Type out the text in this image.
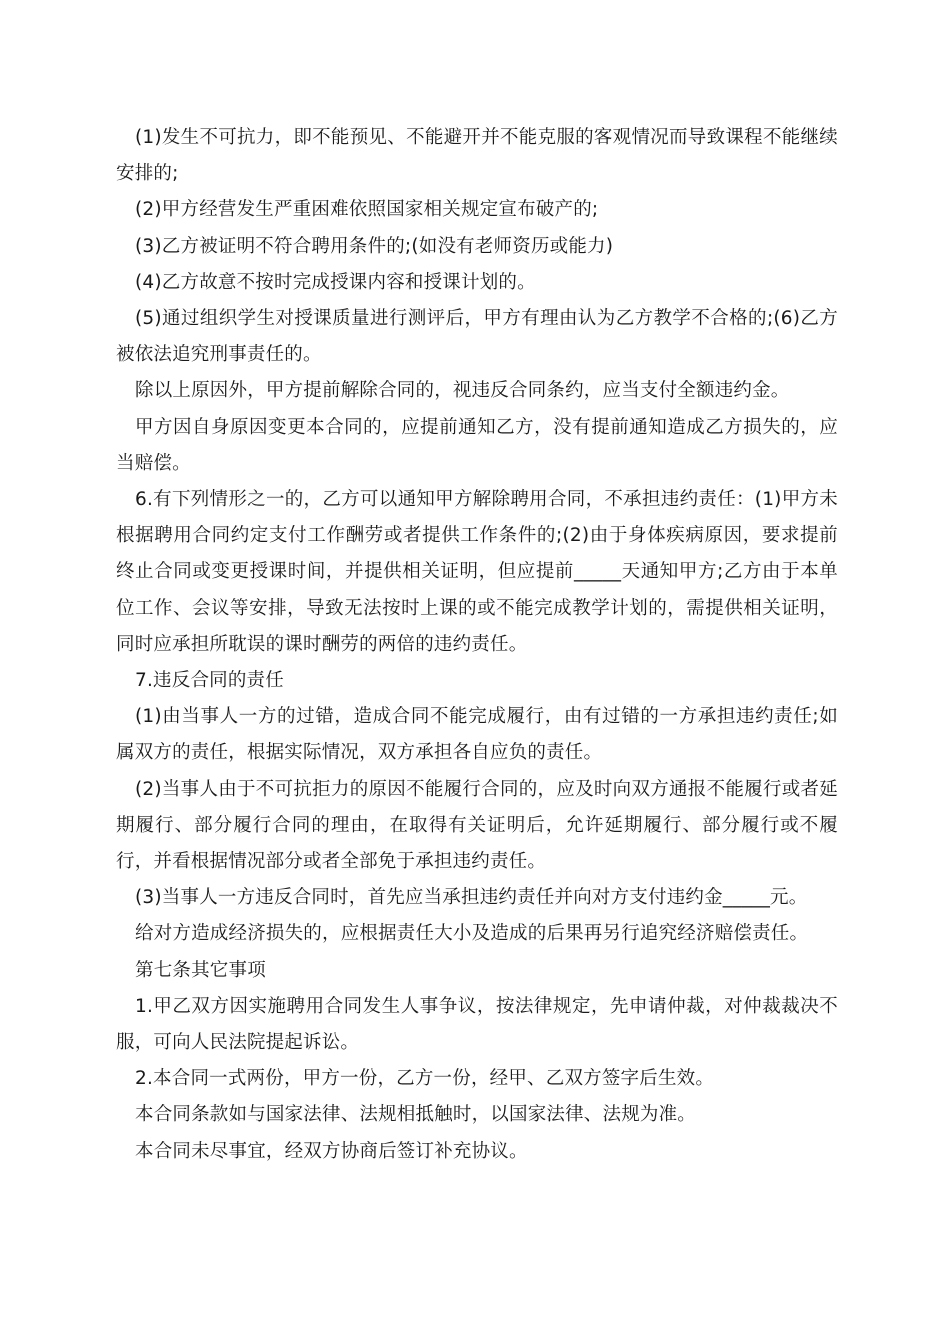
(1)发生不可抗力，即不能预见、不能避开并不能克服的客观情况而导致课程不能继续安排的;

(2)甲方经营发生严重困难依照国家相关规定宣布破产的;

(3)乙方被证明不符合聘用条件的;(如没有老师资历或能力)

(4)乙方故意不按时完成授课内容和授课计划的。

(5)通过组织学生对授课质量进行测评后，甲方有理由认为乙方教学不合格的;(6)乙方被依法追究刑事责任的。

除以上原因外，甲方提前解除合同的，视违反合同条约，应当支付全额违约金。

甲方因自身原因变更本合同的，应提前通知乙方，没有提前通知造成乙方损失的，应当赔偿。

6.有下列情形之一的，乙方可以通知甲方解除聘用合同，不承担违约责任：(1)甲方未根据聘用合同约定支付工作酬劳或者提供工作条件的;(2)由于身体疾病原因，要求提前终止合同或变更授课时间，并提供相关证明，但应提前_____天通知甲方;乙方由于本单位工作、会议等安排，导致无法按时上课的或不能完成教学计划的，需提供相关证明，同时应承担所耽误的课时酬劳的两倍的违约责任。

7.违反合同的责任

(1)由当事人一方的过错，造成合同不能完成履行，由有过错的一方承担违约责任;如属双方的责任，根据实际情况，双方承担各自应负的责任。

(2)当事人由于不可抗拒力的原因不能履行合同的，应及时向双方通报不能履行或者延期履行、部分履行合同的理由，在取得有关证明后，允许延期履行、部分履行或不履行，并看根据情况部分或者全部免于承担违约责任。

(3)当事人一方违反合同时，首先应当承担违约责任并向对方支付违约金_____元。

给对方造成经济损失的，应根据责任大小及造成的后果再另行追究经济赔偿责任。

第七条其它事项

1.甲乙双方因实施聘用合同发生人事争议，按法律规定，先申请仲裁，对仲裁裁决不服，可向人民法院提起诉讼。

2.本合同一式两份，甲方一份，乙方一份，经甲、乙双方签字后生效。

本合同条款如与国家法律、法规相抵触时，以国家法律、法规为准。

本合同未尽事宜，经双方协商后签订补充协议。
